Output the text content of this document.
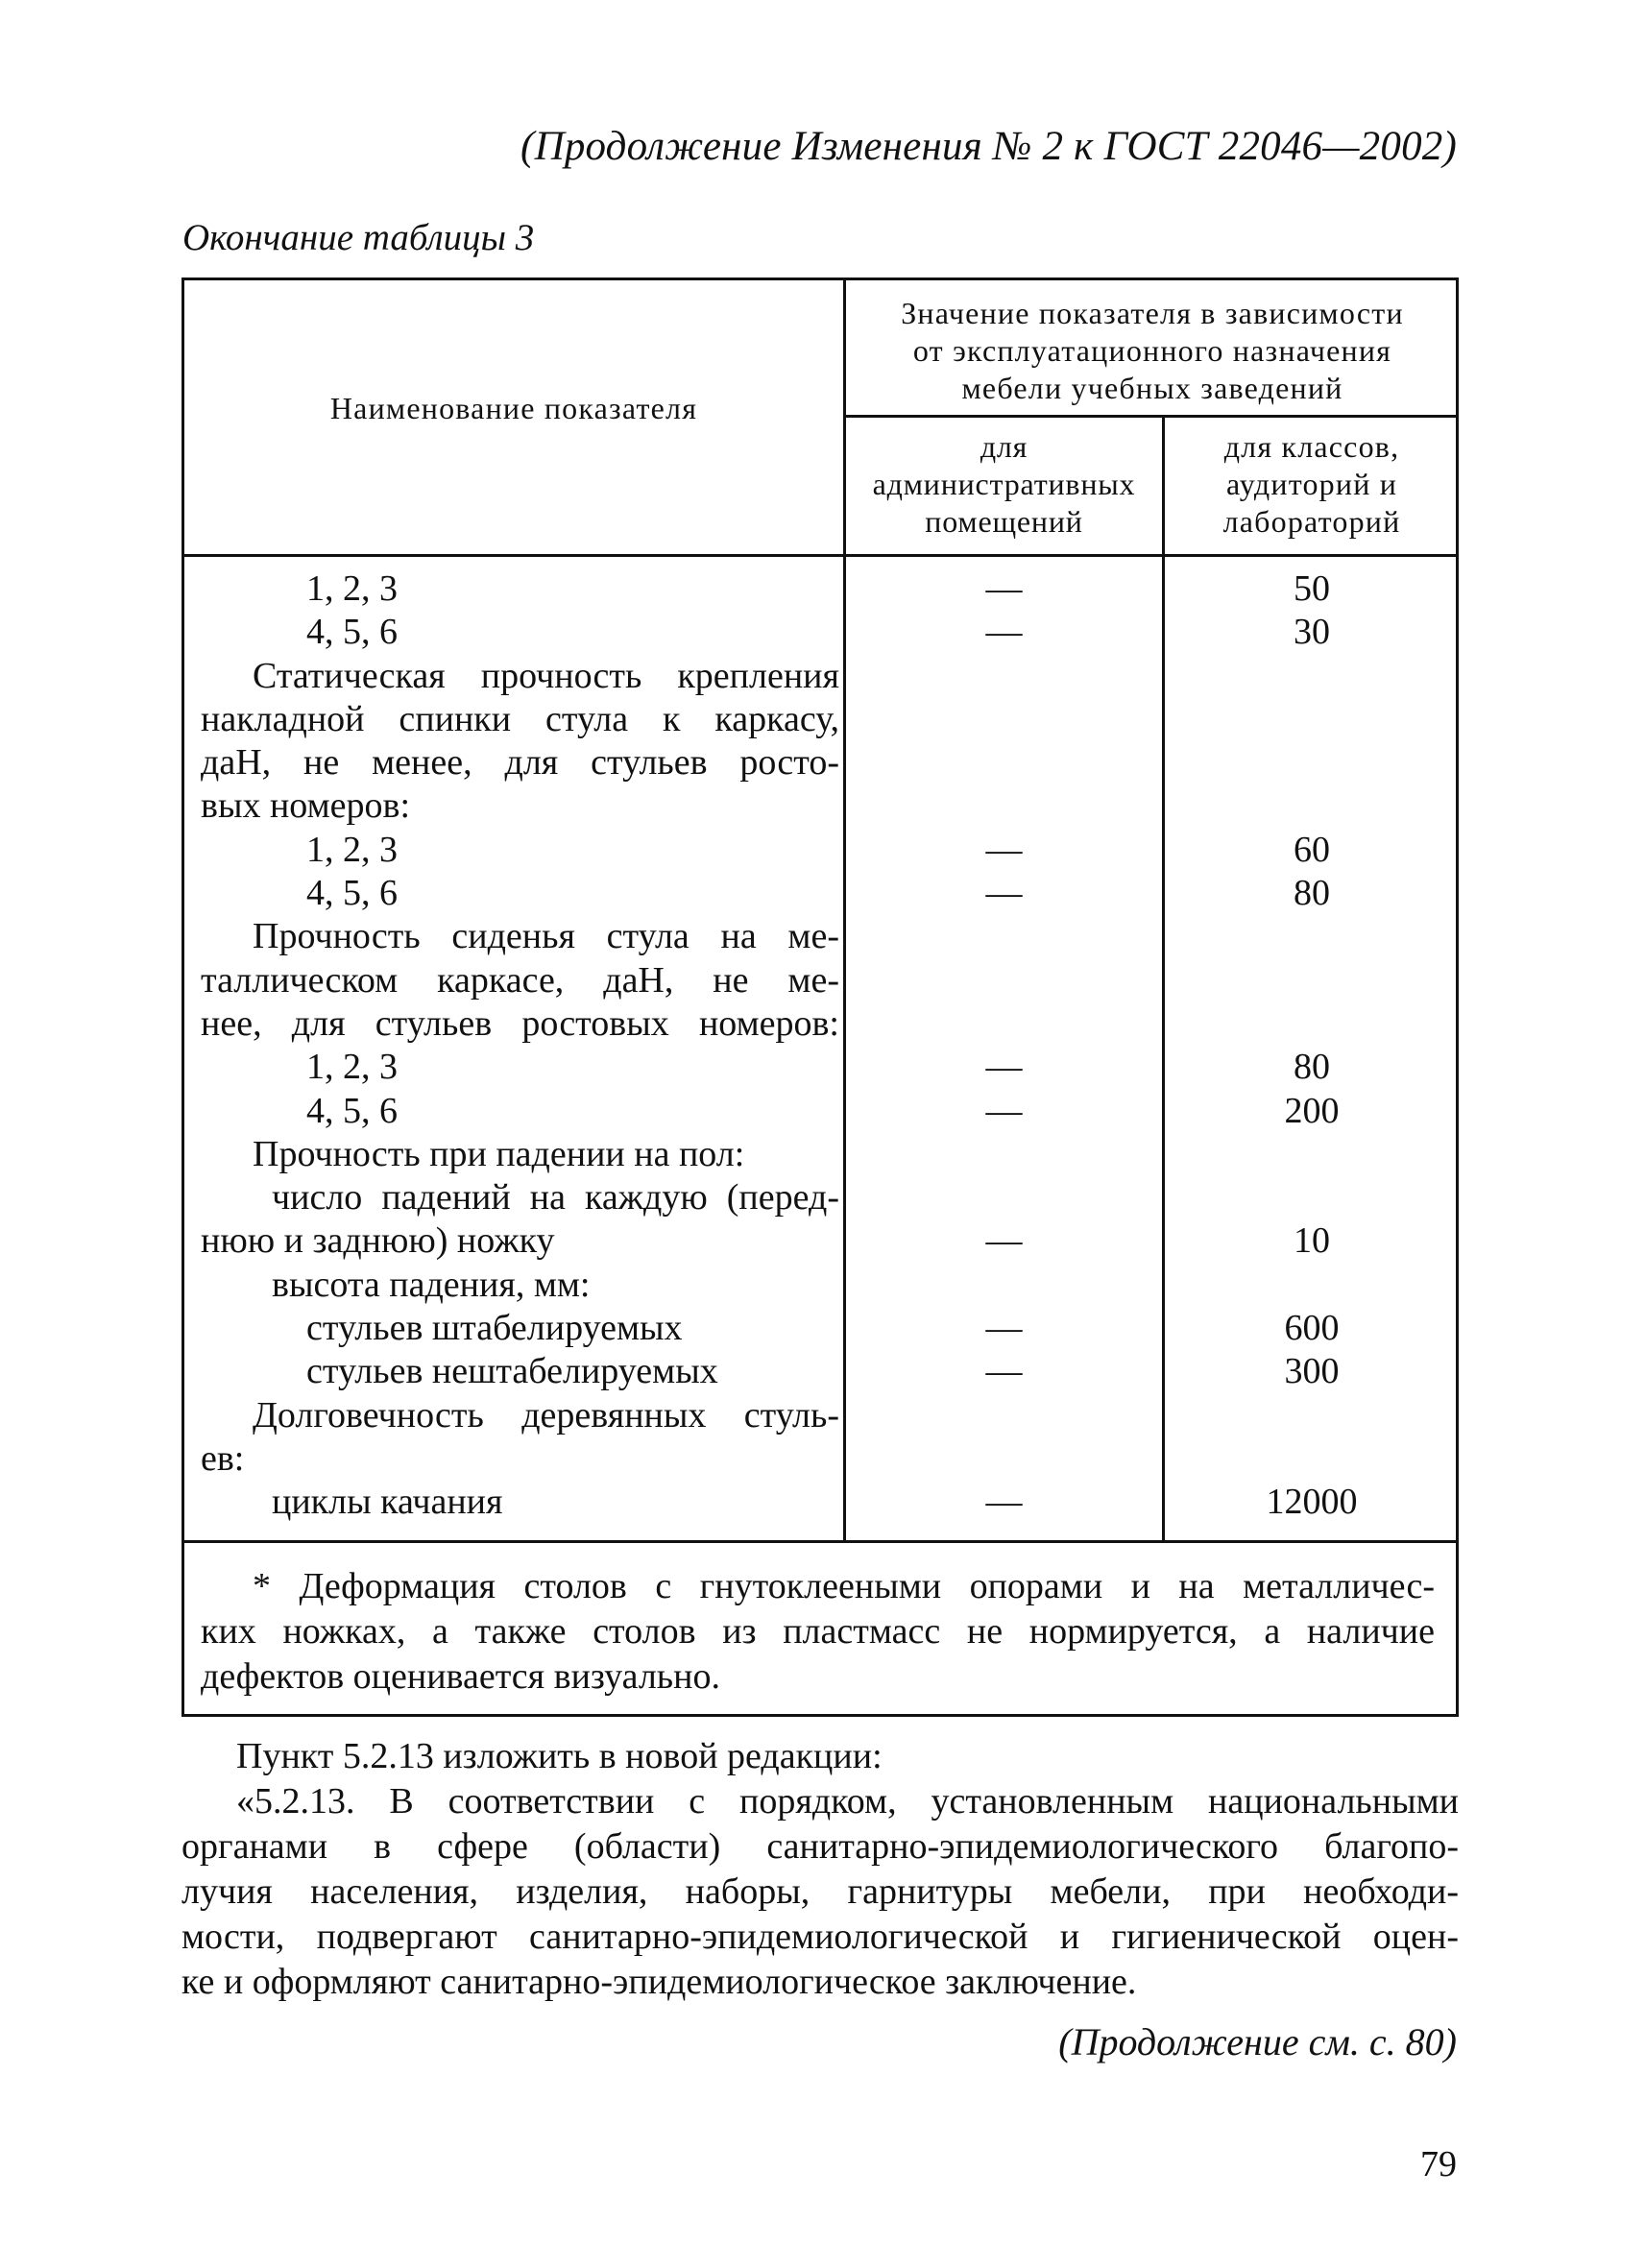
(Продолжение Изменения № 2 к ГОСТ 22046—2002)
Окончание таблицы 3
Наименование показателя
Значение показателя в зависимости
от эксплуатационного назначения
мебели учебных заведений
для
административных
помещений
для классов,
аудиторий и
лабораторий

1, 2, 3

4, 5, 6

Статическая прочность крепления

накладной спинки стула к каркасу,

даН, не менее, для стульев росто-

вых номеров:

1, 2, 3

4, 5, 6

Прочность сиденья стула на ме-

таллическом каркасе, даН, не ме-

нее, для стульев ростовых номеров:

1, 2, 3

4, 5, 6

Прочность при падении на пол:

число падений на каждую (перед-

нюю и заднюю) ножку

высота падения, мм:

стульев штабелируемых

стульев нештабелируемых

Долговечность деревянных стуль-

ев:

циклы качания

—
—
—
—
—
—
—
—
—
—
50
30
60
80
80
200
10
600
300
12000

* Деформация столов с гнутоклееными опорами и на металличес-

ких ножках, а также столов из пластмасс не нормируется, а наличие

дефектов оценивается визуально.

Пункт 5.2.13 изложить в новой редакции:

«5.2.13. В соответствии с порядком, установленным национальными

органами в сфере (области) санитарно-эпидемиологического благопо-

лучия населения, изделия, наборы, гарнитуры мебели, при необходи-

мости, подвергают санитарно-эпидемиологической и гигиенической оцен-

ке и оформляют санитарно-эпидемиологическое заключение.

(Продолжение см. с. 80)
79
